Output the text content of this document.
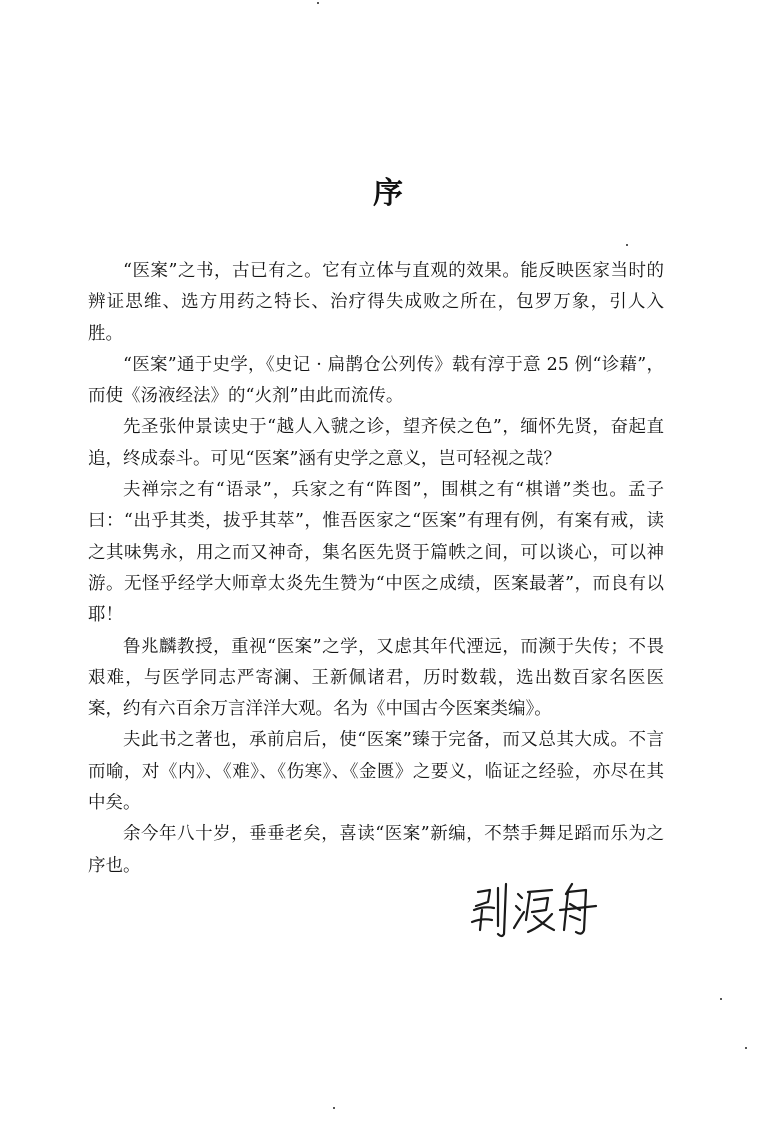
序

“医案”之书，古已有之。它有立体与直观的效果。能反映医家当时的辨证思维、选方用药之特长、治疗得失成败之所在，包罗万象，引人入胜。

“医案”通于史学，《史记 · 扁鹊仓公列传》载有淳于意 25 例“诊藉”，而使《汤液经法》的“火剂”由此而流传。

先圣张仲景读史于“越人入虢之诊，望齐侯之色”，缅怀先贤，奋起直追，终成泰斗。可见“医案”涵有史学之意义，岂可轻视之哉？

夫禅宗之有“语录”，兵家之有“阵图”，围棋之有“棋谱”类也。孟子曰：“出乎其类，拔乎其萃”，惟吾医家之“医案”有理有例，有案有戒，读之其味隽永，用之而又神奇，集名医先贤于篇帙之间，可以谈心，可以神游。无怪乎经学大师章太炎先生赞为“中医之成绩，医案最著”，而良有以耶！

鲁兆麟教授，重视“医案”之学，又虑其年代湮远，而濒于失传；不畏艰难，与医学同志严寄澜、王新佩诸君，历时数载，选出数百家名医医案，约有六百余万言洋洋大观。名为《中国古今医案类编》。

夫此书之著也，承前启后，使“医案”臻于完备，而又总其大成。不言而喻，对《内》、《难》、《伤寒》、《金匮》之要义，临证之经验，亦尽在其中矣。

余今年八十岁，垂垂老矣，喜读“医案”新编，不禁手舞足蹈而乐为之序也。
